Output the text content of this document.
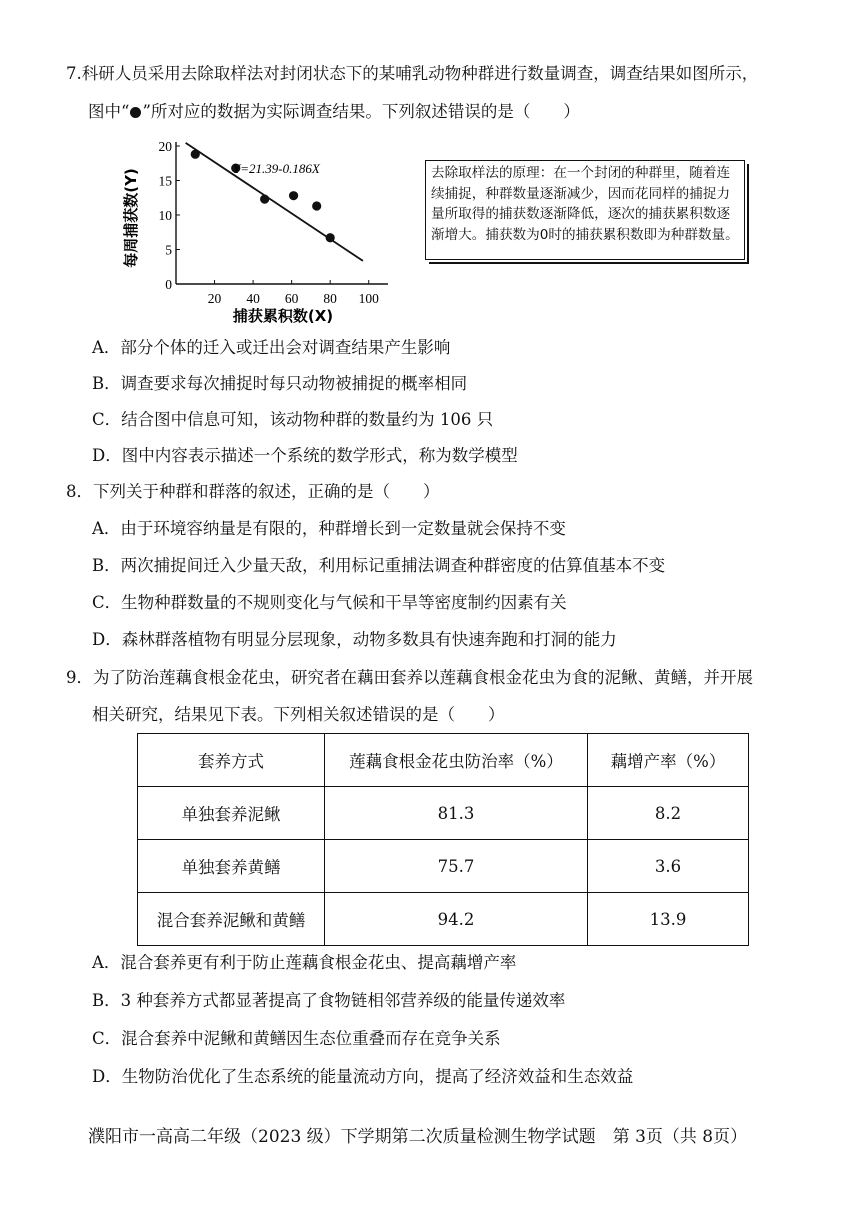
7.科研人员采用去除取样法对封闭状态下的某哺乳动物种群进行数量调查，调查结果如图所示，
图中“ ”所对应的数据为实际调查结果。下列叙述错误的是（　　）
20 40 60 80 100
20
15
10
5
0
Y=21.39-0.186X
捕获累积数(X)
每周捕获数(Y)	去除取样法的原理：在一个封闭的种群里，随着连续捕捉，种群数量逐渐减少，因而花同样的捕捉力量所取得的捕获数逐渐降低，逐次的捕获累积数逐渐增大。捕获数为0时的捕获累积数即为种群数量。
A．部分个体的迁入或迁出会对调查结果产生影响
B．调查要求每次捕捉时每只动物被捕捉的概率相同
C．结合图中信息可知，该动物种群的数量约为 106 只
D．图中内容表示描述一个系统的数学形式，称为数学模型
8．下列关于种群和群落的叙述，正确的是（　　）
A．由于环境容纳量是有限的，种群增长到一定数量就会保持不变
B．两次捕捉间迁入少量天敌，利用标记重捕法调查种群密度的估算值基本不变
C．生物种群数量的不规则变化与气候和干旱等密度制约因素有关
D．森林群落植物有明显分层现象，动物多数具有快速奔跑和打洞的能力
9．为了防治莲藕食根金花虫，研究者在藕田套养以莲藕食根金花虫为食的泥鳅、黄鳝，并开展
相关研究，结果见下表。下列相关叙述错误的是（　　）
套养方式	莲藕食根金花虫防治率（%）	藕增产率（%）
单独套养泥鳅	81.3	8.2
单独套养黄鳝	75.7	3.6
混合套养泥鳅和黄鳝	94.2	13.9
A．混合套养更有利于防止莲藕食根金花虫、提高藕增产率
B．3 种套养方式都显著提高了食物链相邻营养级的能量传递效率
C．混合套养中泥鳅和黄鳝因生态位重叠而存在竞争关系
D．生物防治优化了生态系统的能量流动方向，提高了经济效益和生态效益
濮阳市一高高二年级（2023 级）下学期第二次质量检测生物学试题　第 3页（共 8页）
